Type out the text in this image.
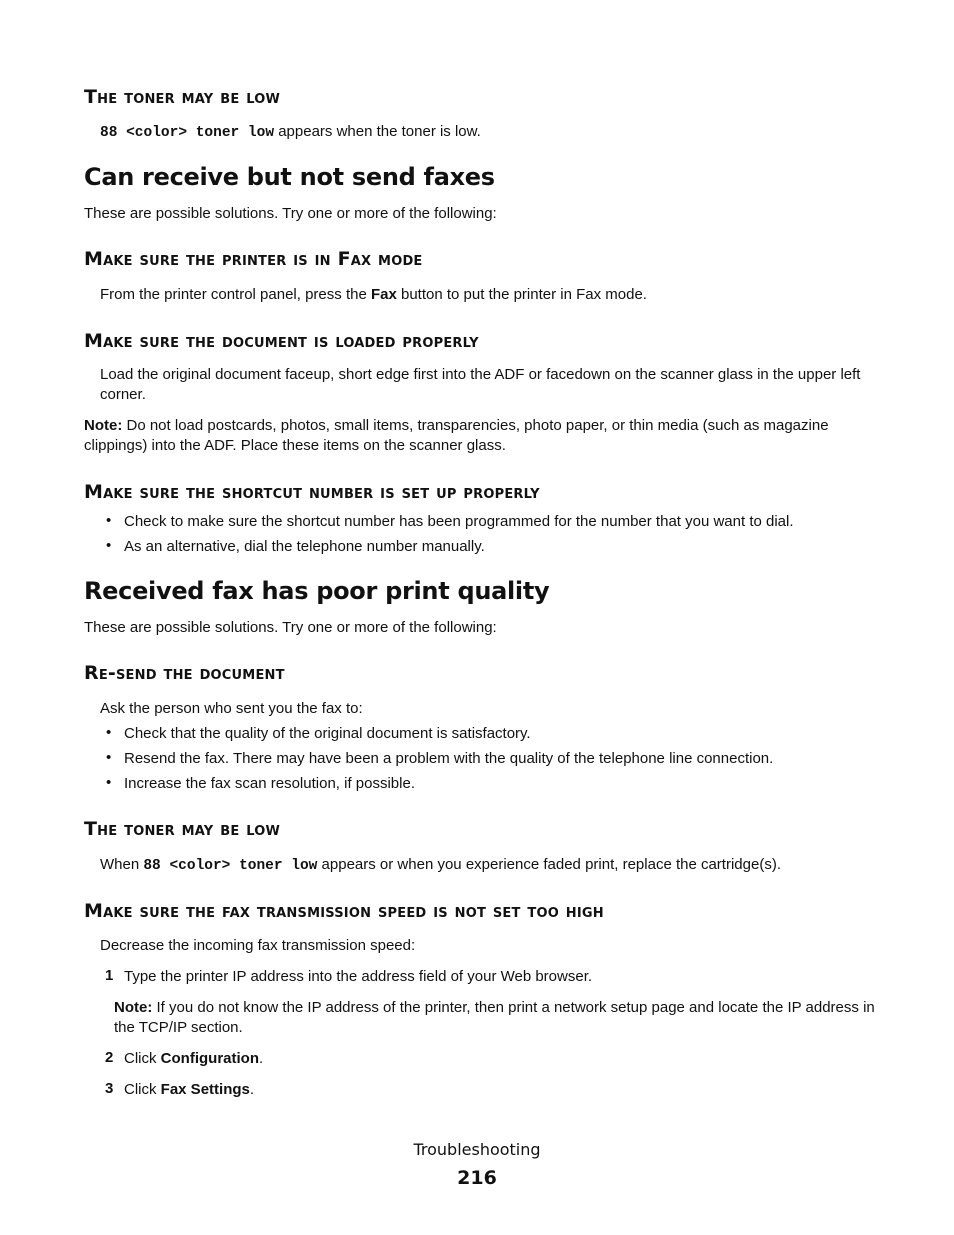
The toner may be low
88 <color> toner low appears when the toner is low.
Can receive but not send faxes
These are possible solutions. Try one or more of the following:
Make sure the printer is in Fax mode
From the printer control panel, press the Fax button to put the printer in Fax mode.
Make sure the document is loaded properly
Load the original document faceup, short edge first into the ADF or facedown on the scanner glass in the upper left corner.
Note: Do not load postcards, photos, small items, transparencies, photo paper, or thin media (such as magazine clippings) into the ADF. Place these items on the scanner glass.
Make sure the shortcut number is set up properly
• Check to make sure the shortcut number has been programmed for the number that you want to dial.
• As an alternative, dial the telephone number manually.
Received fax has poor print quality
These are possible solutions. Try one or more of the following:
Re-send the document
Ask the person who sent you the fax to:
• Check that the quality of the original document is satisfactory.
• Resend the fax. There may have been a problem with the quality of the telephone line connection.
• Increase the fax scan resolution, if possible.
The toner may be low
When 88 <color> toner low appears or when you experience faded print, replace the cartridge(s).
Make sure the fax transmission speed is not set too high
Decrease the incoming fax transmission speed:
1 Type the printer IP address into the address field of your Web browser.
Note: If you do not know the IP address of the printer, then print a network setup page and locate the IP address in the TCP/IP section.
2 Click Configuration.
3 Click Fax Settings.
Troubleshooting
216
